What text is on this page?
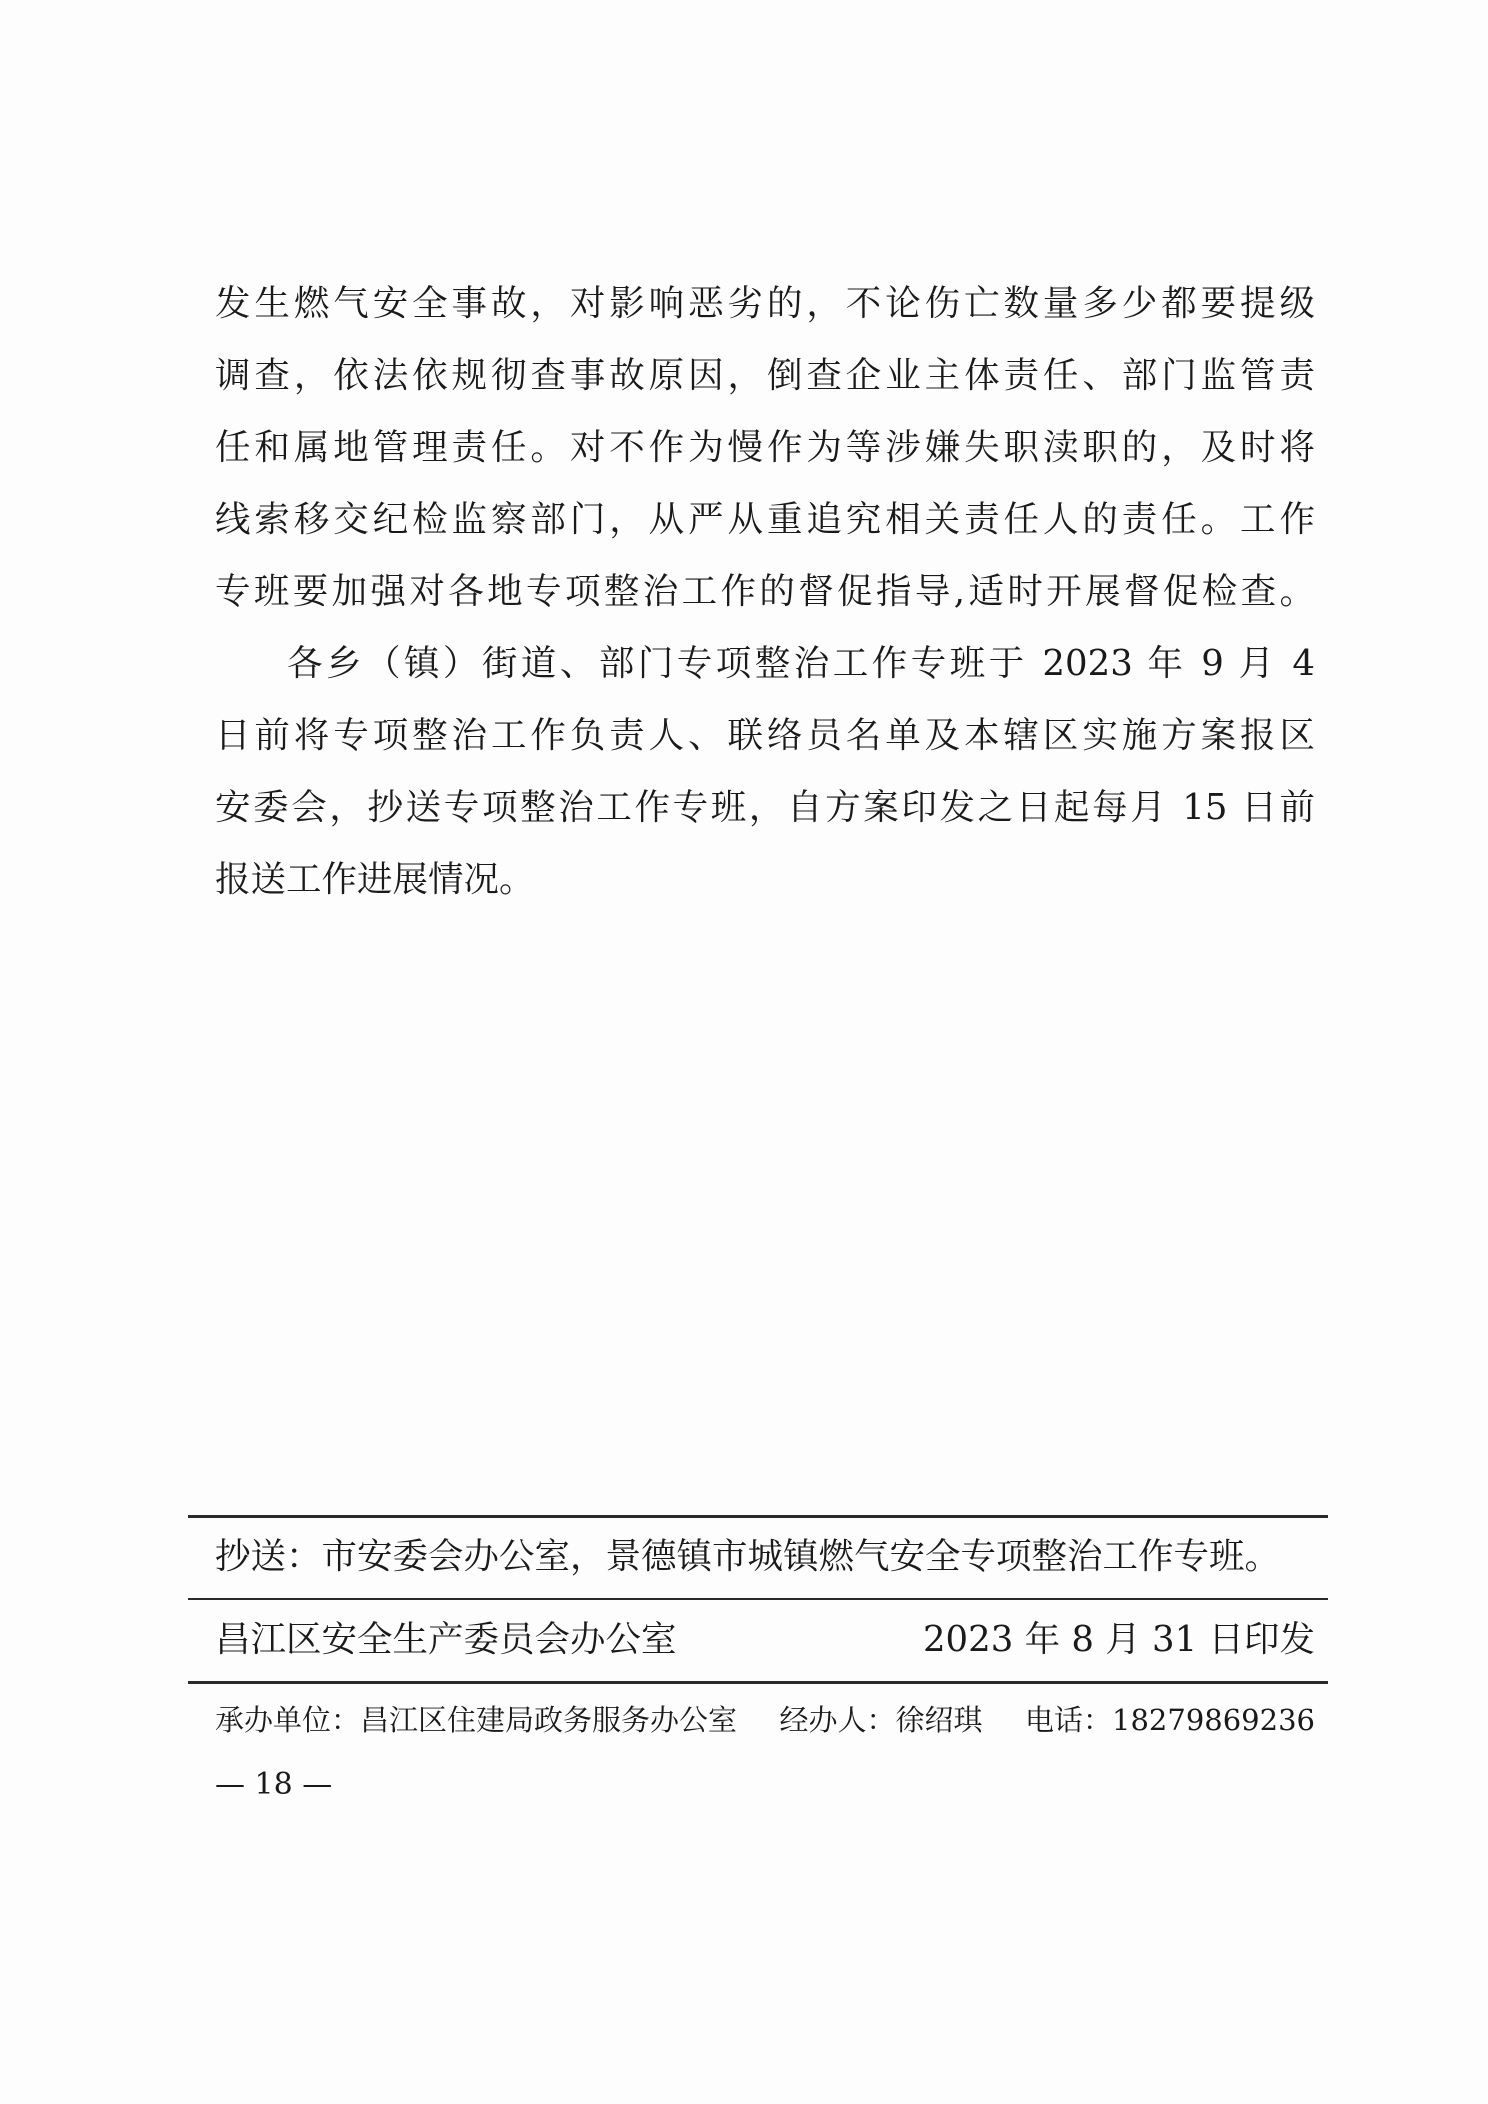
发生燃气安全事故，对影响恶劣的，不论伤亡数量多少都要提级
调查，依法依规彻查事故原因，倒查企业主体责任、部门监管责
任和属地管理责任。对不作为慢作为等涉嫌失职渎职的，及时将
线索移交纪检监察部门，从严从重追究相关责任人的责任。工作
专班要加强对各地专项整治工作的督促指导,适时开展督促检查。
各乡（镇）街道、部门专项整治工作专班于 2023 年 9 月 4
日前将专项整治工作负责人、联络员名单及本辖区实施方案报区
安委会，抄送专项整治工作专班，自方案印发之日起每月 15 日前
报送工作进展情况。
抄送：市安委会办公室，景德镇市城镇燃气安全专项整治工作专班。
昌江区安全生产委员会办公室	2023 年 8 月 31 日印发
承办单位：昌江区住建局政务服务办公室 经办人：徐绍琪 电话：18279869236
— 18 —
